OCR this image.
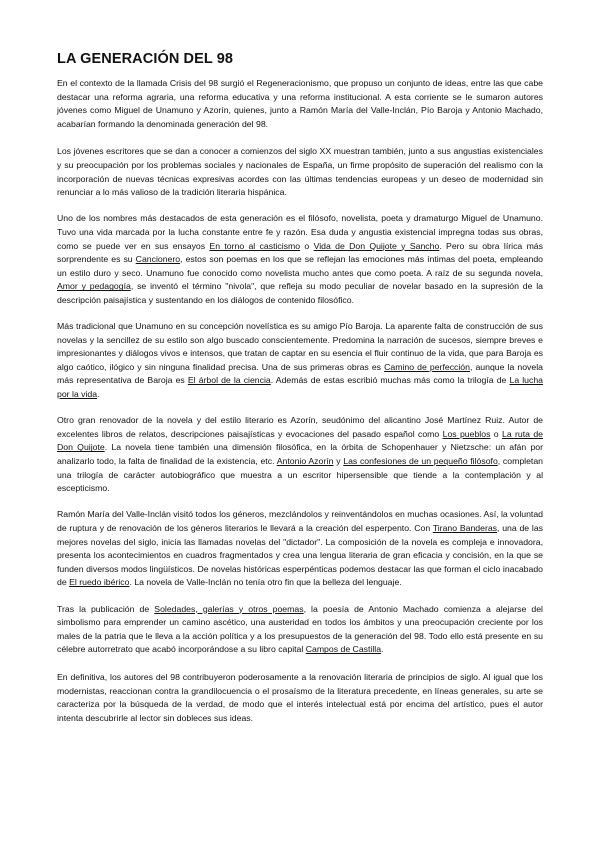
LA GENERACIÓN DEL 98

En el contexto de la llamada Crisis del 98 surgió el Regeneracionismo, que propuso un conjunto de ideas, entre las que cabe destacar una reforma agraria, una reforma educativa y una reforma institucional. A esta corriente se le sumaron autores jóvenes como Miguel de Unamuno y Azorín, quienes, junto a Ramón María del Valle-Inclán, Pío Baroja y Antonio Machado, acabarían formando la denominada generación del 98.

Los jóvenes escritores que se dan a conocer a comienzos del siglo XX muestran también, junto a sus angustias existenciales y su preocupación por los problemas sociales y nacionales de España, un firme propósito de superación del realismo con la incorporación de nuevas técnicas expresivas acordes con las últimas tendencias europeas y un deseo de modernidad sin renunciar a lo más valioso de la tradición literaria hispánica.

Uno de los nombres más destacados de esta generación es el filósofo, novelista, poeta y dramaturgo Miguel de Unamuno. Tuvo una vida marcada por la lucha constante entre fe y razón. Esa duda y angustia existencial impregna todas sus obras, como se puede ver en sus ensayos En torno al casticismo o Vida de Don Quijote y Sancho. Pero su obra lírica más sorprendente es su Cancionero, estos son poemas en los que se reflejan las emociones más íntimas del poeta, empleando un estilo duro y seco. Unamuno fue conocido como novelista mucho antes que como poeta. A raíz de su segunda novela, Amor y pedagogía, se inventó el término "nivola", que refleja su modo peculiar de novelar basado en la supresión de la descripción paisajística y sustentando en los diálogos de contenido filosófico.

Más tradicional que Unamuno en su concepción novelística es su amigo Pío Baroja. La aparente falta de construcción de sus novelas y la sencillez de su estilo son algo buscado conscientemente. Predomina la narración de sucesos, siempre breves e impresionantes y diálogos vivos e intensos, que tratan de captar en su esencia el fluir continuo de la vida, que para Baroja es algo caótico, ilógico y sin ninguna finalidad precisa. Una de sus primeras obras es Camino de perfección, aunque la novela más representativa de Baroja es El árbol de la ciencia. Además de estas escribió muchas más como la trilogía de La lucha por la vida.

Otro gran renovador de la novela y del estilo literario es Azorín, seudónimo del alicantino José Martínez Ruiz. Autor de excelentes libros de relatos, descripciones paisajísticas y evocaciones del pasado español como Los pueblos o La ruta de Don Quijote. La novela tiene también una dimensión filosófica, en la órbita de Schopenhauer y Nietzsche: un afán por analizarlo todo, la falta de finalidad de la existencia, etc. Antonio Azorín y Las confesiones de un pequeño filósofo, completan una trilogía de carácter autobiográfico que muestra a un escritor hipersensible que tiende a la contemplación y al escepticismo.

Ramón María del Valle-Inclán visitó todos los géneros, mezclándolos y reinventándolos en muchas ocasiones. Así, la voluntad de ruptura y de renovación de los géneros literarios le llevará a la creación del esperpento. Con Tirano Banderas, una de las mejores novelas del siglo, inicia las llamadas novelas del "dictador". La composición de la novela es compleja e innovadora, presenta los acontecimientos en cuadros fragmentados y crea una lengua literaria de gran eficacia y concisión, en la que se funden diversos modos lingüísticos. De novelas históricas esperpénticas podemos destacar las que forman el ciclo inacabado de El ruedo ibérico. La novela de Valle-Inclán no tenía otro fin que la belleza del lenguaje.

Tras la publicación de Soledades, galerías y otros poemas, la poesía de Antonio Machado comienza a alejarse del simbolismo para emprender un camino ascético, una austeridad en todos los ámbitos y una preocupación creciente por los males de la patria que le lleva a la acción política y a los presupuestos de la generación del 98. Todo ello está presente en su célebre autorretrato que acabó incorporándose a su libro capital Campos de Castilla.

En definitiva, los autores del 98 contribuyeron poderosamente a la renovación literaria de principios de siglo. Al igual que los modernistas, reaccionan contra la grandilocuencia o el prosaísmo de la literatura precedente, en líneas generales, su arte se caracteriza por la búsqueda de la verdad, de modo que el interés intelectual está por encima del artístico, pues el autor intenta descubrirle al lector sin dobleces sus ideas.
